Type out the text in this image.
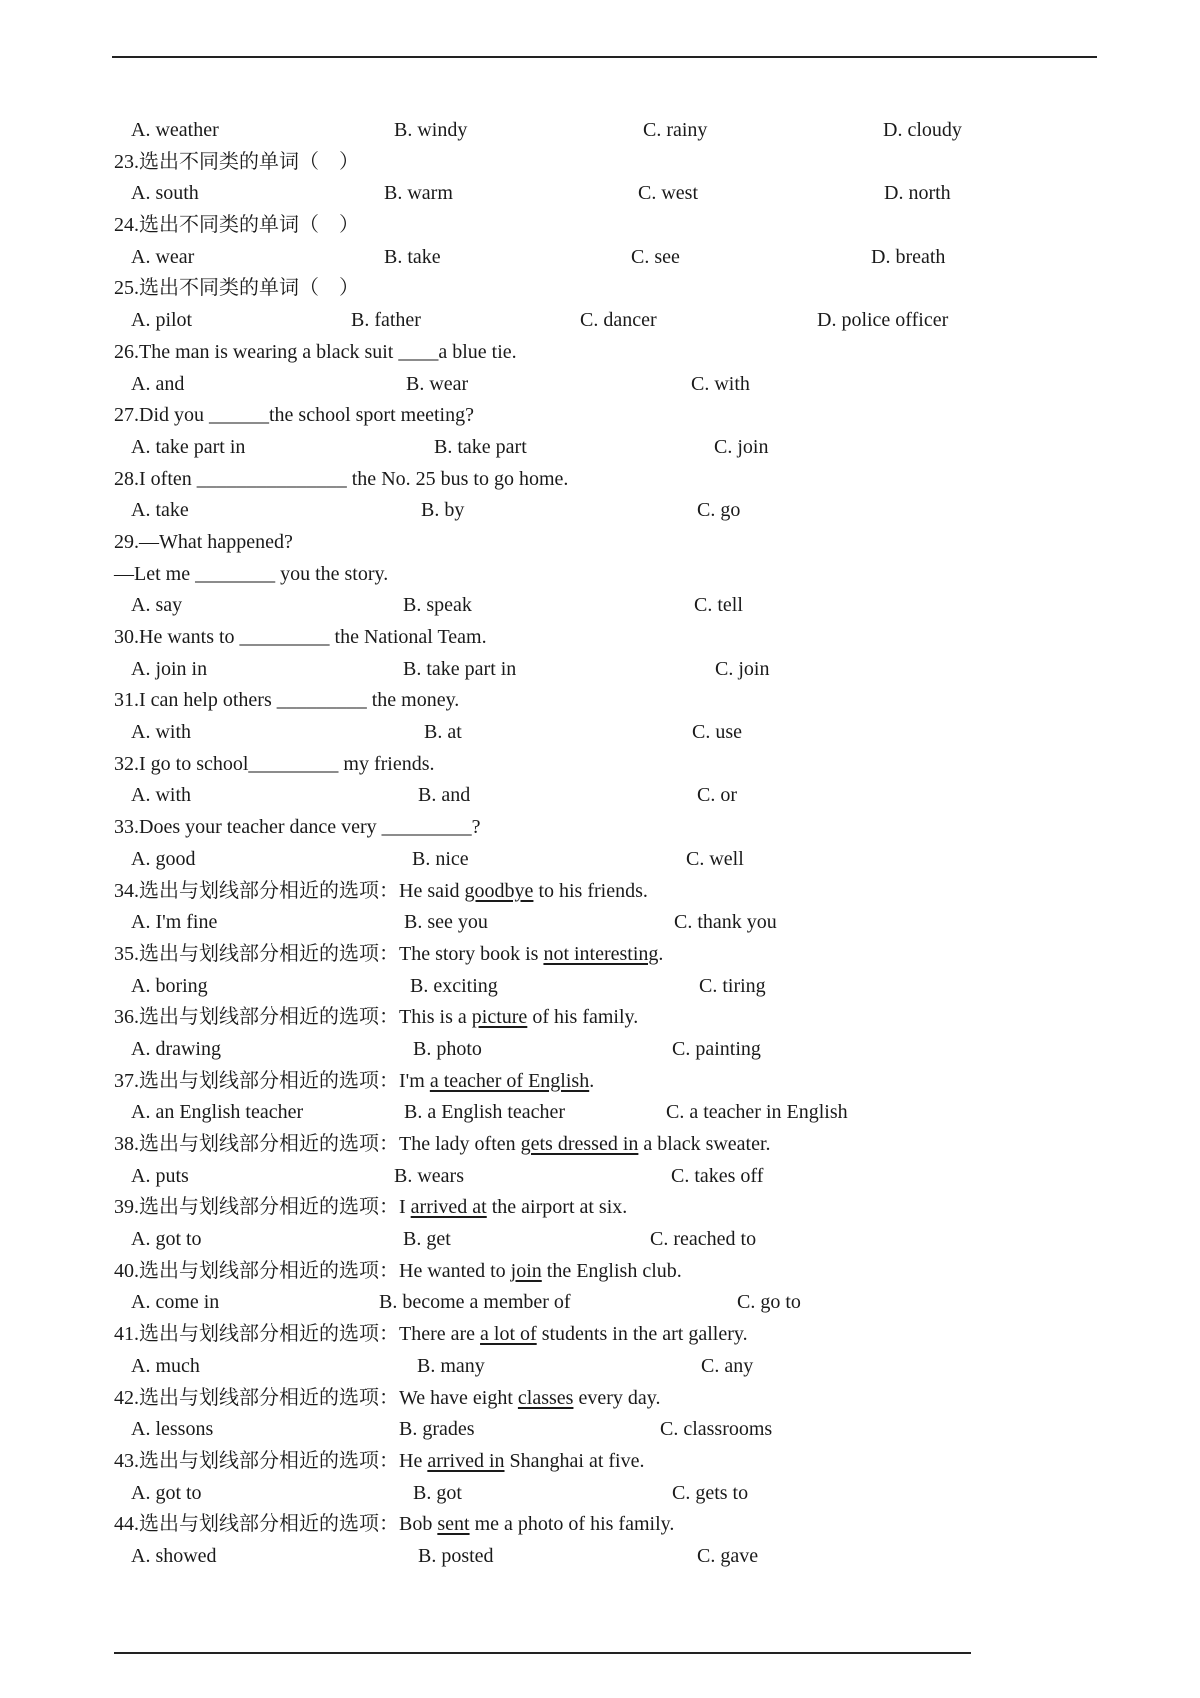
A. weather	B. windy	C. rainy	D. cloudy
23.选出不同类的单词（　）
A. south	B. warm	C. west	D. north
24.选出不同类的单词（　）
A. wear	B. take	C. see	D. breath
25.选出不同类的单词（　）
A. pilot	B. father	C. dancer	D. police officer
26.The man is wearing a black suit ____a blue tie.
A. and	B. wear	C. with
27.Did you ______the school sport meeting?
A. take part in	B. take part	C. join
28.I often _______________ the No. 25 bus to go home.
A. take	B. by	C. go
29.—What happened?
—Let me ________ you the story.
A. say	B. speak	C. tell
30.He wants to _________ the National Team.
A. join in	B. take part in	C. join
31.I can help others _________ the money.
A. with	B. at	C. use
32.I go to school_________ my friends.
A. with	B. and	C. or
33.Does your teacher dance very _________?
A. good	B. nice	C. well
34.选出与划线部分相近的选项：He said goodbye to his friends.
A. I'm fine	B. see you	C. thank you
35.选出与划线部分相近的选项：The story book is not interesting.
A. boring	B. exciting	C. tiring
36.选出与划线部分相近的选项：This is a picture of his family.
A. drawing	B. photo	C. painting
37.选出与划线部分相近的选项：I'm a teacher of English.
A. an English teacher	B. a English teacher	C. a teacher in English
38.选出与划线部分相近的选项：The lady often gets dressed in a black sweater.
A. puts	B. wears	C. takes off
39.选出与划线部分相近的选项：I arrived at the airport at six.
A. got to	B. get	C. reached to
40.选出与划线部分相近的选项：He wanted to join the English club.
A. come in	B. become a member of	C. go to
41.选出与划线部分相近的选项：There are a lot of students in the art gallery.
A. much	B. many	C. any
42.选出与划线部分相近的选项：We have eight classes every day.
A. lessons	B. grades	C. classrooms
43.选出与划线部分相近的选项：He arrived in Shanghai at five.
A. got to	B. got	C. gets to
44.选出与划线部分相近的选项：Bob sent me a photo of his family.
A. showed	B. posted	C. gave
